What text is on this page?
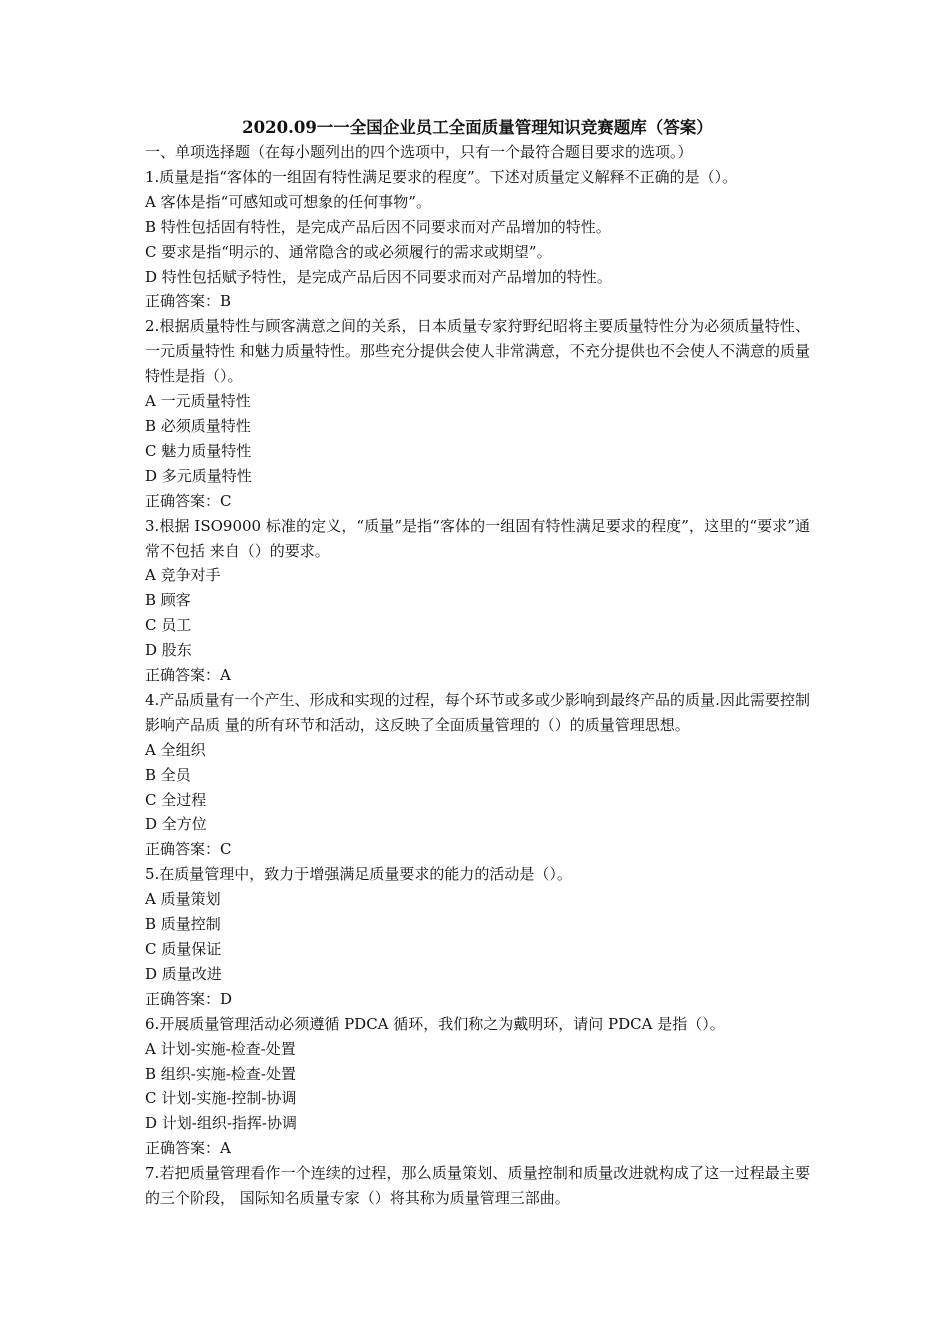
2020.09一一全国企业员工全面质量管理知识竞赛题库（答案）

一、单项选择题（在每小题列出的四个选项中，只有一个最符合题目要求的选项。）

1.质量是指“客体的一组固有特性满足要求的程度”。下述对质量定义解释不正确的是（）。

A 客体是指“可感知或可想象的任何事物”。

B 特性包括固有特性，是完成产品后因不同要求而对产品增加的特性。

C 要求是指“明示的、通常隐含的或必须履行的需求或期望”。

D 特性包括赋予特性，是完成产品后因不同要求而对产品增加的特性。

正确答案：B

2.根据质量特性与顾客满意之间的关系，日本质量专家狩野纪昭将主要质量特性分为必须质量特性、一元质量特性 和魅力质量特性。那些充分提供会使人非常满意，不充分提供也不会使人不满意的质量特性是指（）。

A 一元质量特性

B 必须质量特性

C 魅力质量特性

D 多元质量特性

正确答案：C

3.根据 ISO9000 标准的定义，“质量”是指“客体的一组固有特性满足要求的程度”，这里的“要求”通常不包括 来自（）的要求。

A 竞争对手

B 顾客

C 员工

D 股东

正确答案：A

4.产品质量有一个产生、形成和实现的过程，每个环节或多或少影响到最终产品的质量.因此需要控制影响产品质 量的所有环节和活动，这反映了全面质量管理的（）的质量管理思想。

A 全组织

B 全员

C 全过程

D 全方位

正确答案：C

5.在质量管理中，致力于增强满足质量要求的能力的活动是（）。

A 质量策划

B 质量控制

C 质量保证

D 质量改进

正确答案：D

6.开展质量管理活动必须遵循 PDCA 循环，我们称之为戴明环，请问 PDCA 是指（）。

A 计划-实施-检查-处置

B 组织-实施-检查-处置

C 计划-实施-控制-协调

D 计划-组织-指挥-协调

正确答案：A

7.若把质量管理看作一个连续的过程，那么质量策划、质量控制和质量改进就构成了这一过程最主要的三个阶段， 国际知名质量专家（）将其称为质量管理三部曲。
